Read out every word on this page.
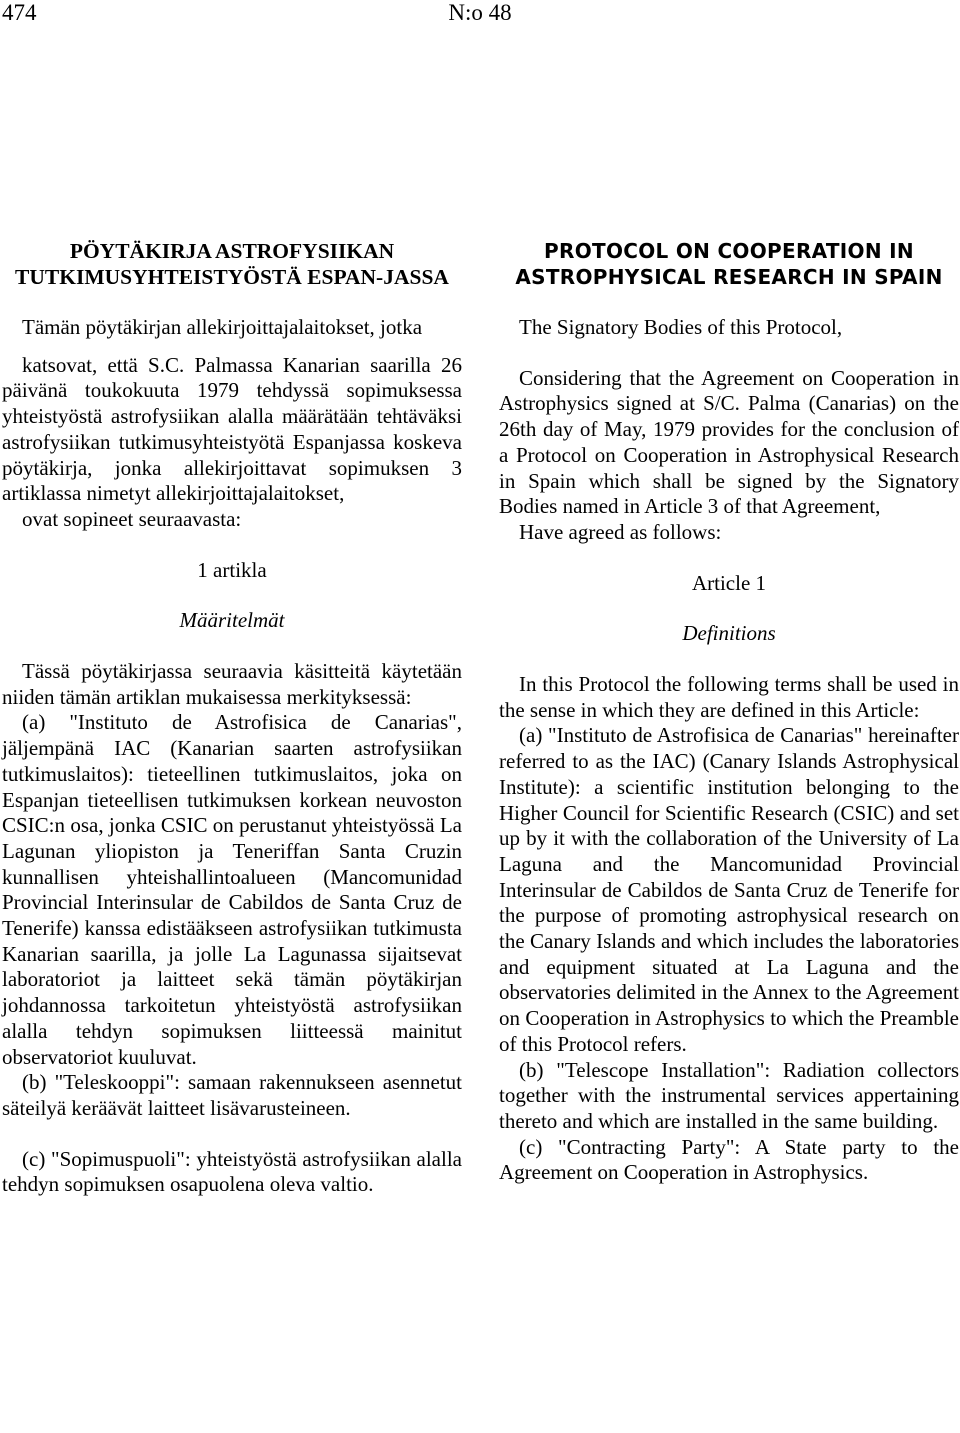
474	N:o 48

PÖYTÄKIRJA ASTROFYSIIKAN TUTKIMUSYHTEISTYÖSTÄ ESPAN-JASSA

Tämän pöytäkirjan allekirjoittajalaitokset, jotka

katsovat, että S.C. Palmassa Kanarian saarilla 26 päivänä toukokuuta 1979 tehdyssä sopimuksessa yhteistyöstä astrofysiikan alalla määrätään tehtäväksi astrofysiikan tutkimusyhteistyötä Espanjassa koskeva pöytäkirja, jonka allekirjoittavat sopimuksen 3 artiklassa nimetyt allekirjoittajalaitokset,

ovat sopineet seuraavasta:

1 artikla

Määritelmät

Tässä pöytäkirjassa seuraavia käsitteitä käytetään niiden tämän artiklan mukaisessa merkityksessä:

(a) "Instituto de Astrofisica de Canarias", jäljempänä IAC (Kanarian saarten astrofysiikan tutkimuslaitos): tieteellinen tutkimuslaitos, joka on Espanjan tieteellisen tutkimuksen korkean neuvoston CSIC:n osa, jonka CSIC on perustanut yhteistyössä La Lagunan yliopiston ja Teneriffan Santa Cruzin kunnallisen yhteishallintoalueen (Mancomunidad Provincial Interinsular de Cabildos de Santa Cruz de Tenerife) kanssa edistääkseen astrofysiikan tutkimusta Kanarian saarilla, ja jolle La Lagunassa sijaitsevat laboratoriot ja laitteet sekä tämän pöytäkirjan johdannossa tarkoitetun yhteistyöstä astrofysiikan alalla tehdyn sopimuksen liitteessä mainitut observatoriot kuuluvat.

(b) "Teleskooppi": samaan rakennukseen asennetut säteilyä keräävät laitteet lisävarusteineen.

(c) "Sopimuspuoli": yhteistyöstä astrofysiikan alalla tehdyn sopimuksen osapuolena oleva valtio.

PROTOCOL ON COOPERATION IN ASTROPHYSICAL RESEARCH IN SPAIN

The Signatory Bodies of this Protocol,

Considering that the Agreement on Cooperation in Astrophysics signed at S/C. Palma (Canarias) on the 26th day of May, 1979 provides for the conclusion of a Protocol on Cooperation in Astrophysical Research in Spain which shall be signed by the Signatory Bodies named in Article 3 of that Agreement,

Have agreed as follows:

Article 1

Definitions

In this Protocol the following terms shall be used in the sense in which they are defined in this Article:

(a) "Instituto de Astrofisica de Canarias" hereinafter referred to as the IAC) (Canary Islands Astrophysical Institute): a scientific institution belonging to the Higher Council for Scientific Research (CSIC) and set up by it with the collaboration of the University of La Laguna and the Mancomunidad Provincial Interinsular de Cabildos de Santa Cruz de Tenerife for the purpose of promoting astrophysical research on the Canary Islands and which includes the laboratories and equipment situated at La Laguna and the observatories delimited in the Annex to the Agreement on Cooperation in Astrophysics to which the Preamble of this Protocol refers.

(b) "Telescope Installation": Radiation collectors together with the instrumental services appertaining thereto and which are installed in the same building.

(c) "Contracting Party": A State party to the Agreement on Cooperation in Astrophysics.
